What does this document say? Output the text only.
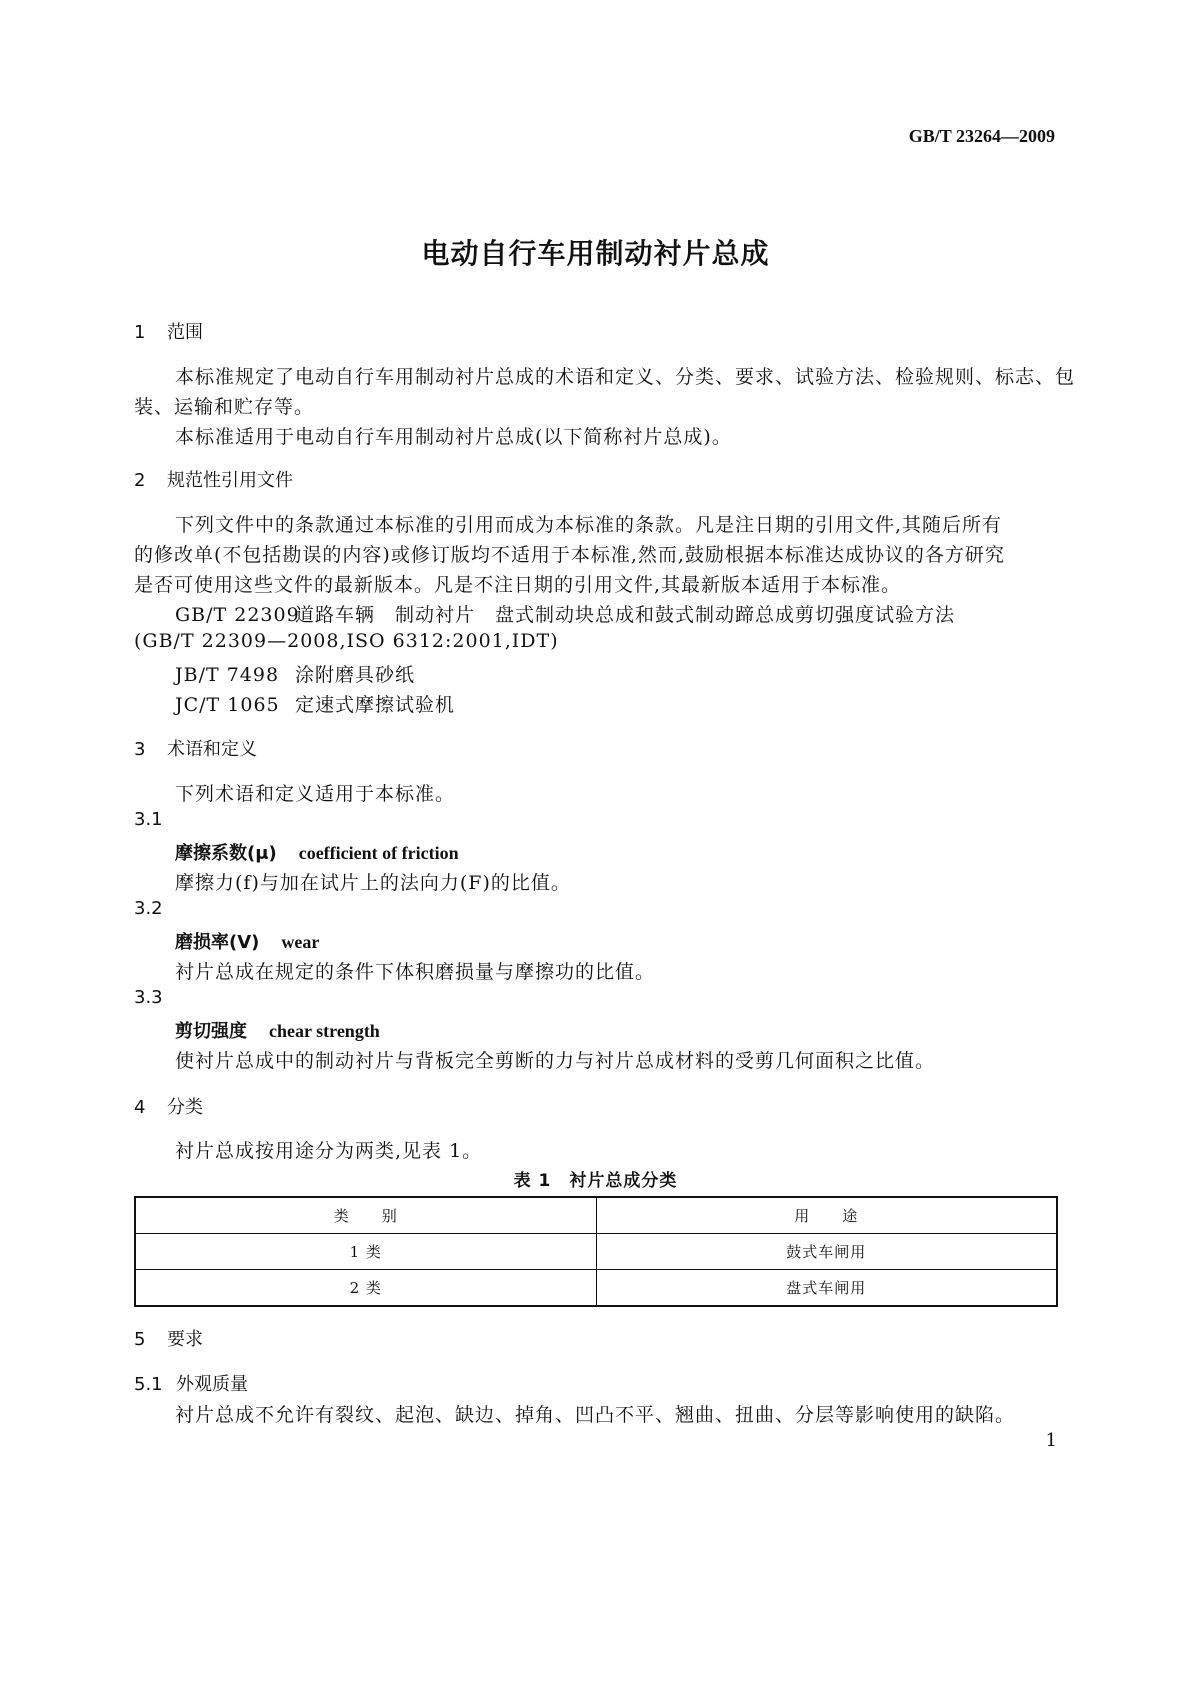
GB/T 23264—2009
电动自行车用制动衬片总成
1 范围
本标准规定了电动自行车用制动衬片总成的术语和定义、分类、要求、试验方法、检验规则、标志、包
装、运输和贮存等。
本标准适用于电动自行车用制动衬片总成(以下简称衬片总成)。
2 规范性引用文件
下列文件中的条款通过本标准的引用而成为本标准的条款。凡是注日期的引用文件,其随后所有
的修改单(不包括勘误的内容)或修订版均不适用于本标准,然而,鼓励根据本标准达成协议的各方研究
是否可使用这些文件的最新版本。凡是不注日期的引用文件,其最新版本适用于本标准。
GB/T 22309道路车辆　制动衬片　盘式制动块总成和鼓式制动蹄总成剪切强度试验方法
(GB/T 22309—2008,ISO 6312:2001,IDT)
JB/T 7498 涂附磨具砂纸
JC/T 1065 定速式摩擦试验机
3 术语和定义
下列术语和定义适用于本标准。
3.1
摩擦系数(μ) coefficient of friction
摩擦力(f)与加在试片上的法向力(F)的比值。
3.2
磨损率(V) wear
衬片总成在规定的条件下体积磨损量与摩擦功的比值。
3.3
剪切强度 chear strength
使衬片总成中的制动衬片与背板完全剪断的力与衬片总成材料的受剪几何面积之比值。
4 分类
衬片总成按用途分为两类,见表 1。
表 1　衬片总成分类
类　　别	用　　途
1 类	鼓式车闸用
2 类	盘式车闸用
5 要求
5.1 外观质量
衬片总成不允许有裂纹、起泡、缺边、掉角、凹凸不平、翘曲、扭曲、分层等影响使用的缺陷。
1
